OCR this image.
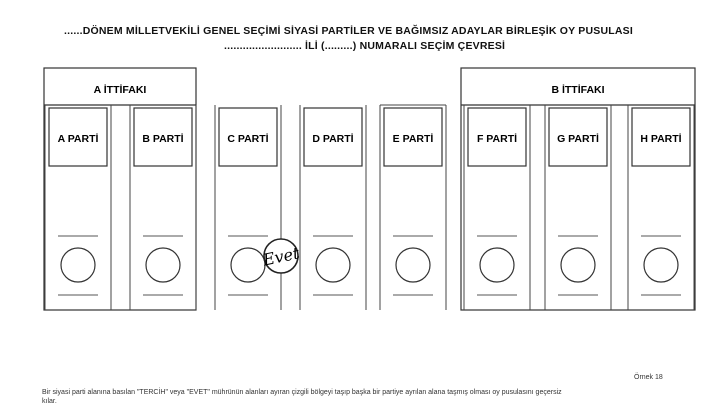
......DÖNEM MİLLETVEKİLİ GENEL SEÇİMİ SİYASİ PARTİLER VE BAĞIMSIZ ADAYLAR BİRLEŞİK OY PUSULASI
......................... İLİ (.........) NUMARALI SEÇİM ÇEVRESİ
A İTTİFAKI	B İTTİFAKI
A PARTİ	B PARTİ	C PARTİ	D PARTİ	E PARTİ	F PARTİ	G PARTİ	H PARTİ
Evet
Örnek 18
Bir siyasi parti alanına basılan "TERCİH" veya "EVET" mührünün alanları ayıran çizgili bölgeyi taşıp başka bir partiye ayrılan alana taşmış olması oy pusulasını geçersiz
kılar.
